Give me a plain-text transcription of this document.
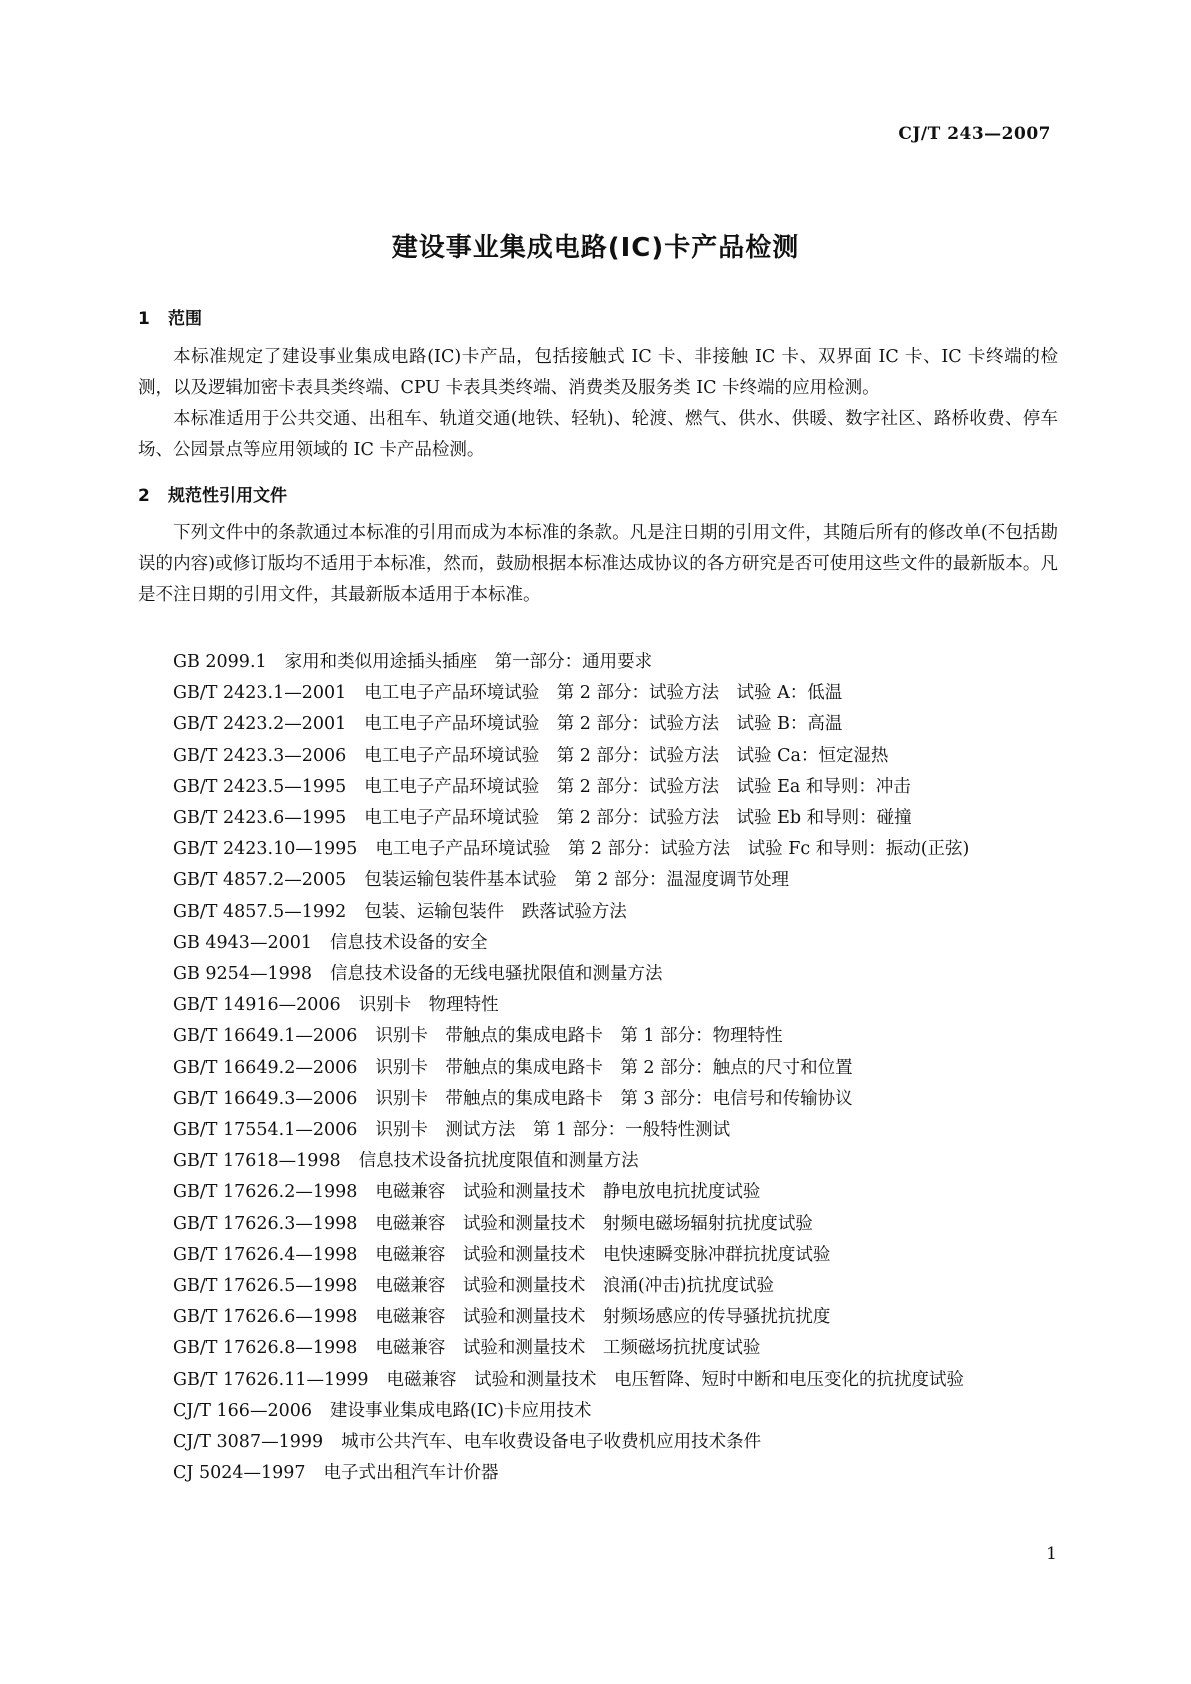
CJ/T 243—2007
建设事业集成电路(IC)卡产品检测
1 范围
本标准规定了建设事业集成电路(IC)卡产品，包括接触式 IC 卡、非接触 IC 卡、双界面 IC 卡、IC 卡终端的检测，以及逻辑加密卡表具类终端、CPU 卡表具类终端、消费类及服务类 IC 卡终端的应用检测。
本标准适用于公共交通、出租车、轨道交通(地铁、轻轨)、轮渡、燃气、供水、供暖、数字社区、路桥收费、停车场、公园景点等应用领域的 IC 卡产品检测。
2 规范性引用文件
下列文件中的条款通过本标准的引用而成为本标准的条款。凡是注日期的引用文件，其随后所有的修改单(不包括勘误的内容)或修订版均不适用于本标准，然而，鼓励根据本标准达成协议的各方研究是否可使用这些文件的最新版本。凡是不注日期的引用文件，其最新版本适用于本标准。
GB 2099.1 家用和类似用途插头插座　第一部分：通用要求
GB/T 2423.1—2001 电工电子产品环境试验　第 2 部分：试验方法　试验 A：低温
GB/T 2423.2—2001 电工电子产品环境试验　第 2 部分：试验方法　试验 B：高温
GB/T 2423.3—2006 电工电子产品环境试验　第 2 部分：试验方法　试验 Ca：恒定湿热
GB/T 2423.5—1995 电工电子产品环境试验　第 2 部分：试验方法　试验 Ea 和导则：冲击
GB/T 2423.6—1995 电工电子产品环境试验　第 2 部分：试验方法　试验 Eb 和导则：碰撞
GB/T 2423.10—1995 电工电子产品环境试验　第 2 部分：试验方法　试验 Fc 和导则：振动(正弦)
GB/T 4857.2—2005 包装运输包装件基本试验　第 2 部分：温湿度调节处理
GB/T 4857.5—1992 包装、运输包装件　跌落试验方法
GB 4943—2001 信息技术设备的安全
GB 9254—1998 信息技术设备的无线电骚扰限值和测量方法
GB/T 14916—2006 识别卡　物理特性
GB/T 16649.1—2006 识别卡　带触点的集成电路卡　第 1 部分：物理特性
GB/T 16649.2—2006 识别卡　带触点的集成电路卡　第 2 部分：触点的尺寸和位置
GB/T 16649.3—2006 识别卡　带触点的集成电路卡　第 3 部分：电信号和传输协议
GB/T 17554.1—2006 识别卡　测试方法　第 1 部分：一般特性测试
GB/T 17618—1998 信息技术设备抗扰度限值和测量方法
GB/T 17626.2—1998 电磁兼容　试验和测量技术　静电放电抗扰度试验
GB/T 17626.3—1998 电磁兼容　试验和测量技术　射频电磁场辐射抗扰度试验
GB/T 17626.4—1998 电磁兼容　试验和测量技术　电快速瞬变脉冲群抗扰度试验
GB/T 17626.5—1998 电磁兼容　试验和测量技术　浪涌(冲击)抗扰度试验
GB/T 17626.6—1998 电磁兼容　试验和测量技术　射频场感应的传导骚扰抗扰度
GB/T 17626.8—1998 电磁兼容　试验和测量技术　工频磁场抗扰度试验
GB/T 17626.11—1999 电磁兼容　试验和测量技术　电压暂降、短时中断和电压变化的抗扰度试验
CJ/T 166—2006 建设事业集成电路(IC)卡应用技术
CJ/T 3087—1999 城市公共汽车、电车收费设备电子收费机应用技术条件
CJ 5024—1997 电子式出租汽车计价器
1
